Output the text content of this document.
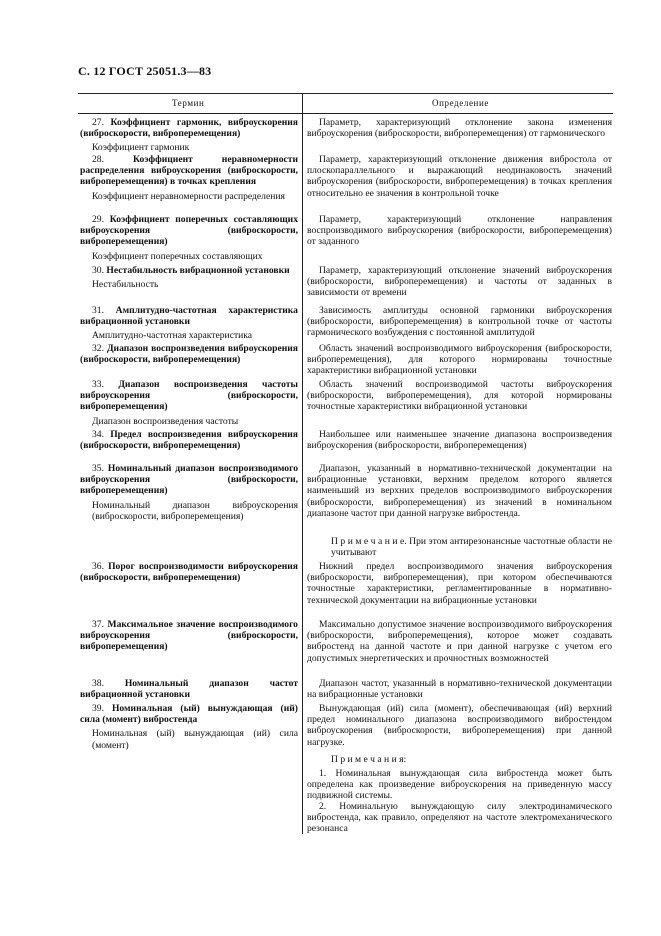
С. 12 ГОСТ 25051.3—83
Термин	Определение
27. Коэффициент гармоник, виброускорения (виброскорости, виброперемещения)
Коэффициент гармоник
Параметр, характеризующий отклонение закона изменения виброускорения (виброскорости, виброперемещения) от гармонического
28.	Коэффициент неравномерности распределения виброускорения (виброскорости, виброперемещения) в точках крепления
Коэффициент неравномерности распределения
Параметр, характеризующий отклонение движения вибростола от плоскопараллельного и выражающий неодинаковость значений виброускорения (виброскорости, виброперемещения) в точках крепления относительно ее значения в контрольной точке
29. Коэффициент поперечных составляющих виброускорения (виброскорости, виброперемещения)
Коэффициент поперечных составляющих
Параметр, характеризующий отклонение направления воспроизводимого виброускорения (виброскорости, виброперемещения) от заданного
30. Нестабильность вибрационной установки
Нестабильность
Параметр, характеризующий отклонение значений виброускорения (виброскорости, виброперемещения) и частоты от заданных в зависимости от времени
31. Амплитудно-частотная характеристика вибрационной установки
Амплитудно-частотная характеристика
Зависимость амплитуды основной гармоники виброускорения (виброскорости, виброперемещения) в контрольной точке от частоты гармонического возбуждения с постоянной амплитудой
32. Диапазон воспроизведения виброускорения (виброскорости, виброперемещения)
Область значений воспроизводимого виброускорения (виброскорости, виброперемещения), для которого нормированы точностные характеристики вибрационной установки
33. Диапазон воспроизведения частоты виброускорения (виброскорости, виброперемещения)
Диапазон воспроизведения частоты
Область значений воспроизводимой частоты виброускорения (виброскорости, виброперемещения), для которой нормированы точностные характеристики вибрационной установки
34. Предел воспроизведения виброускорения (виброскорости, виброперемещения)
Наибольшее или наименьшее значение диапазона воспроизведения виброускорения (виброскорости, виброперемещения)
35. Номинальный диапазон воспроизводимого виброускорения (виброскорости, виброперемещения)
Номинальный диапазон виброускорения (виброскорости, виброперемещения)
Диапазон, указанный в нормативно-технической документации на вибрационные установки, верхним пределом которого является наименьший из верхних пределов воспроизводимого виброускорения (виброскорости, виброперемещения) из значений в номинальном диапазоне частот при данной нагрузке вибростенда.
П р и м е ч а н и е. При этом антирезонансные частотные области не учитывают
36. Порог воспроизводимости виброускорения (виброскорости, виброперемещения)
Нижний предел воспроизводимого значения виброускорения (виброскорости, виброперемещения), при котором обеспечиваются точностные характеристики, регламентированные в нормативно-технической документации на вибрационные установки
37. Максимальное значение воспроизводимого виброускорения (виброскорости, виброперемещения)
Максимально допустимое значение воспроизводимого виброускорения (виброскорости, виброперемещения), которое может создавать вибростенд на данной частоте и при данной нагрузке с учетом его допустимых энергетических и прочностных возможностей
38. Номинальный диапазон частот вибрационной установки
Диапазон частот, указанный в нормативно-технической документации на вибрационные установки
39. Номинальная (ый) вынуждающая (ий) сила (момент) вибростенда
Номинальная (ый) вынуждающая (ий) сила (момент)
Вынуждающая (ий) сила (момент), обеспечивающая (ий) верхний предел номинального диапазона воспроизводимого вибростендом виброускорения (виброскорости, виброперемещения) при данной нагрузке.
П р и м е ч а н и я:
1. Номинальная вынуждающая сила вибростенда может быть определена как произведение виброускорения на приведенную массу подвижной системы.
2. Номинальную вынуждающую силу электродинамического вибростенда, как правило, определяют на частоте электромеханического резонанса
